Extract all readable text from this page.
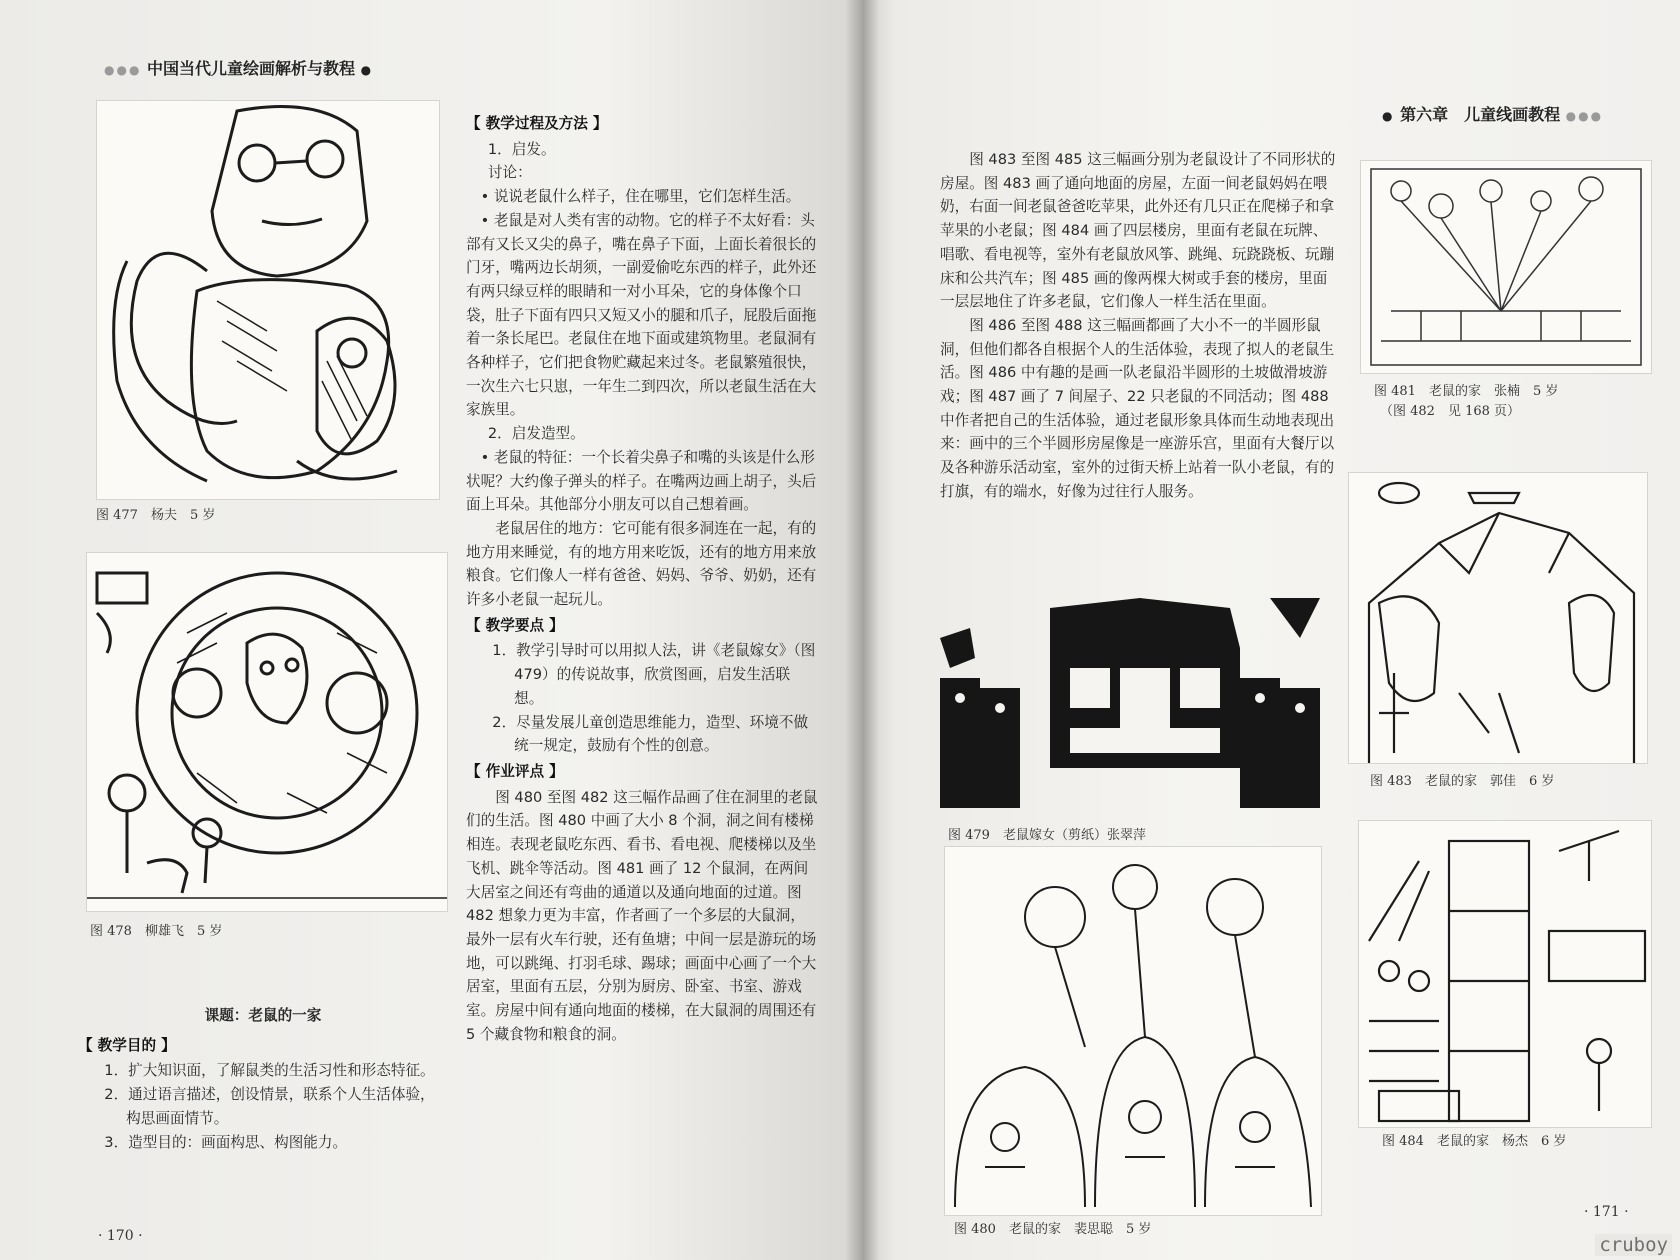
●●● 中国当代儿童绘画解析与教程 ●
图 477　杨夫　5 岁
图 478　柳雄飞　5 岁

课题：老鼠的一家

【 教学目的 】

1．扩大知识面，了解鼠类的生活习性和形态特征。

2．通过语言描述，创设情景，联系个人生活体验，构思画面情节。

3．造型目的：画面构思、构图能力。

【 教学过程及方法 】

1．启发。

讨论：

• 说说老鼠什么样子，住在哪里，它们怎样生活。

• 老鼠是对人类有害的动物。它的样子不太好看：头部有又长又尖的鼻子，嘴在鼻子下面，上面长着很长的门牙，嘴两边长胡须，一副爱偷吃东西的样子，此外还有两只绿豆样的眼睛和一对小耳朵，它的身体像个口袋，肚子下面有四只又短又小的腿和爪子，屁股后面拖着一条长尾巴。老鼠住在地下面或建筑物里。老鼠洞有各种样子，它们把食物贮藏起来过冬。老鼠繁殖很快，一次生六七只崽，一年生二到四次，所以老鼠生活在大家族里。

2．启发造型。

• 老鼠的特征：一个长着尖鼻子和嘴的头该是什么形状呢？大约像子弹头的样子。在嘴两边画上胡子，头后面上耳朵。其他部分小朋友可以自己想着画。

老鼠居住的地方：它可能有很多洞连在一起，有的地方用来睡觉，有的地方用来吃饭，还有的地方用来放粮食。它们像人一样有爸爸、妈妈、爷爷、奶奶，还有许多小老鼠一起玩儿。

【 教学要点 】

1．教学引导时可以用拟人法，讲《老鼠嫁女》（图 479）的传说故事，欣赏图画，启发生活联想。

2．尽量发展儿童创造思维能力，造型、环境不做统一规定，鼓励有个性的创意。

【 作业评点 】

图 480 至图 482 这三幅作品画了住在洞里的老鼠们的生活。图 480 中画了大小 8 个洞，洞之间有楼梯相连。表现老鼠吃东西、看书、看电视、爬楼梯以及坐飞机、跳伞等活动。图 481 画了 12 个鼠洞，在两间大居室之间还有弯曲的通道以及通向地面的过道。图 482 想象力更为丰富，作者画了一个多层的大鼠洞，最外一层有火车行驶，还有鱼塘；中间一层是游玩的场地，可以跳绳、打羽毛球、踢球；画面中心画了一个大居室，里面有五层，分别为厨房、卧室、书室、游戏室。房屋中间有通向地面的楼梯，在大鼠洞的周围还有 5 个藏食物和粮食的洞。

· 170 ·
● 第六章　儿童线画教程 ●●●

图 483 至图 485 这三幅画分别为老鼠设计了不同形状的房屋。图 483 画了通向地面的房屋，左面一间老鼠妈妈在喂奶，右面一间老鼠爸爸吃苹果，此外还有几只正在爬梯子和拿苹果的小老鼠；图 484 画了四层楼房，里面有老鼠在玩牌、唱歌、看电视等，室外有老鼠放风筝、跳绳、玩跷跷板、玩蹦床和公共汽车；图 485 画的像两棵大树或手套的楼房，里面一层层地住了许多老鼠，它们像人一样生活在里面。

图 486 至图 488 这三幅画都画了大小不一的半圆形鼠洞，但他们都各自根据个人的生活体验，表现了拟人的老鼠生活。图 486 中有趣的是画一队老鼠沿半圆形的土坡做滑坡游戏；图 487 画了 7 间屋子、22 只老鼠的不同活动；图 488 中作者把自己的生活体验，通过老鼠形象具体而生动地表现出来：画中的三个半圆形房屋像是一座游乐宫，里面有大餐厅以及各种游乐活动室，室外的过街天桥上站着一队小老鼠，有的打旗，有的端水，好像为过往行人服务。

图 481　老鼠的家　张楠　5 岁
（图 482　见 168 页）
图 483　老鼠的家　郭佳　6 岁
图 479　老鼠嫁女（剪纸）张翠萍
图 480　老鼠的家　裴思聪　5 岁
图 484　老鼠的家　杨杰　6 岁
· 171 ·
cruboy
